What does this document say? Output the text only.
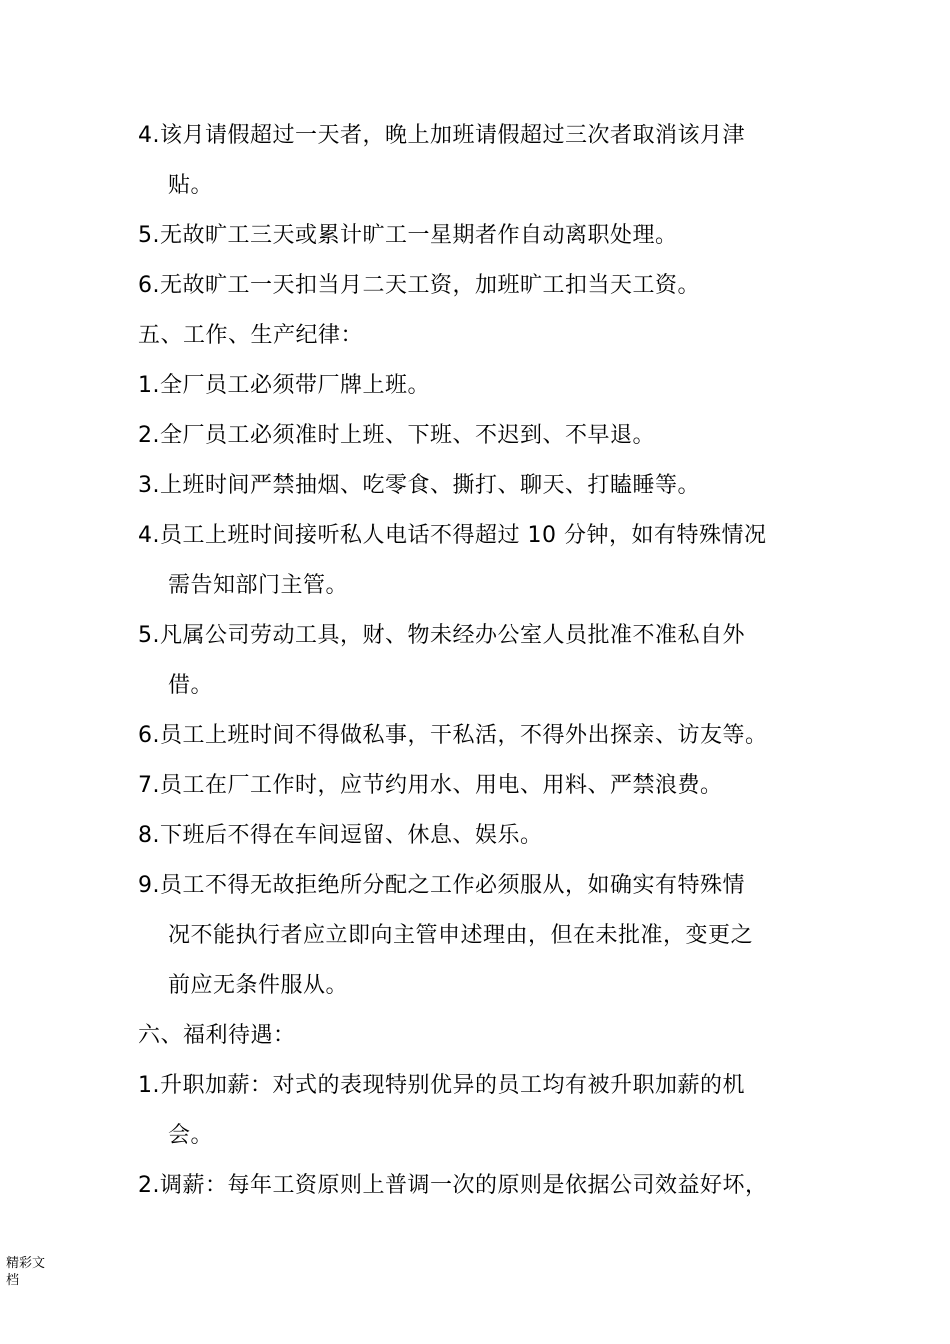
4.该月请假超过一天者，晚上加班请假超过三次者取消该月津
贴。
5.无故旷工三天或累计旷工一星期者作自动离职处理。
6.无故旷工一天扣当月二天工资，加班旷工扣当天工资。
五、工作、生产纪律：
1.全厂员工必须带厂牌上班。
2.全厂员工必须准时上班、下班、不迟到、不早退。
3.上班时间严禁抽烟、吃零食、撕打、聊天、打瞌睡等。
4.员工上班时间接听私人电话不得超过 10 分钟，如有特殊情况
需告知部门主管。
5.凡属公司劳动工具，财、物未经办公室人员批准不准私自外
借。
6.员工上班时间不得做私事，干私活，不得外出探亲、访友等。
7.员工在厂工作时，应节约用水、用电、用料、严禁浪费。
8.下班后不得在车间逗留、休息、娱乐。
9.员工不得无故拒绝所分配之工作必须服从，如确实有特殊情
况不能执行者应立即向主管申述理由，但在未批准，变更之
前应无条件服从。
六、福利待遇：
1.升职加薪：对式的表现特别优异的员工均有被升职加薪的机
会。
2.调薪：每年工资原则上普调一次的原则是依据公司效益好坏，
精彩文
档
